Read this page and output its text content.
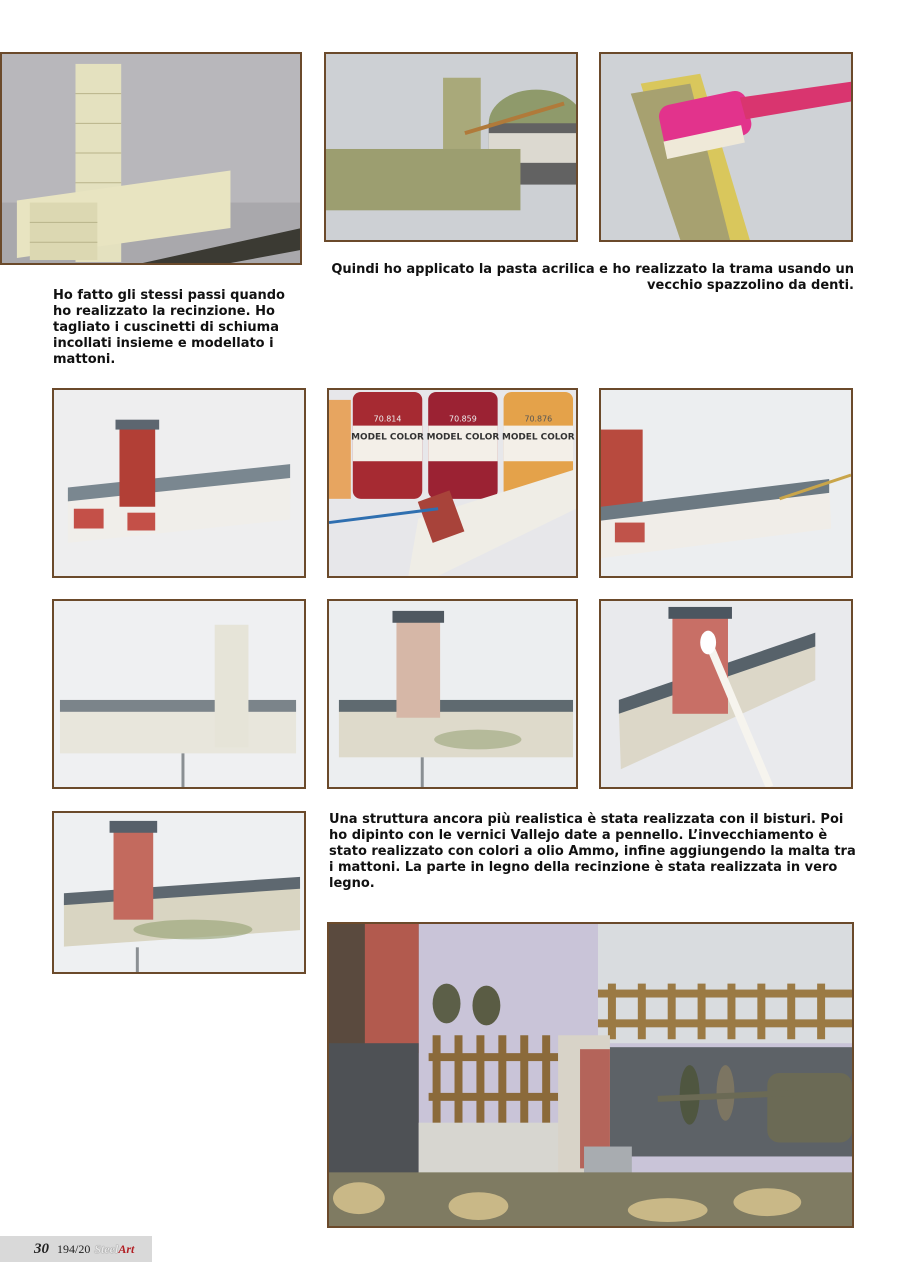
Ho fatto gli stessi passi quando ho realizzato la recinzione. Ho tagliato i cuscinetti di schiuma incollati insieme e modellato i mattoni.

Quindi ho applicato la pasta acrilica e ho realizzato la trama usando un vecchio spazzolino da denti.

MODEL COLOR MODEL COLOR MODEL COLOR
70.814	70.859	70.876

Una struttura ancora più realistica è stata realizzata con il bisturi. Poi ho dipinto con le vernici Vallejo date a pennello. L’invecchiamento è stato realizzato con colori a olio Ammo, infine aggiungendo la malta tra i mattoni. La parte in legno della recinzione è stata realizzata in vero legno.

30 194/20 SteelArt
